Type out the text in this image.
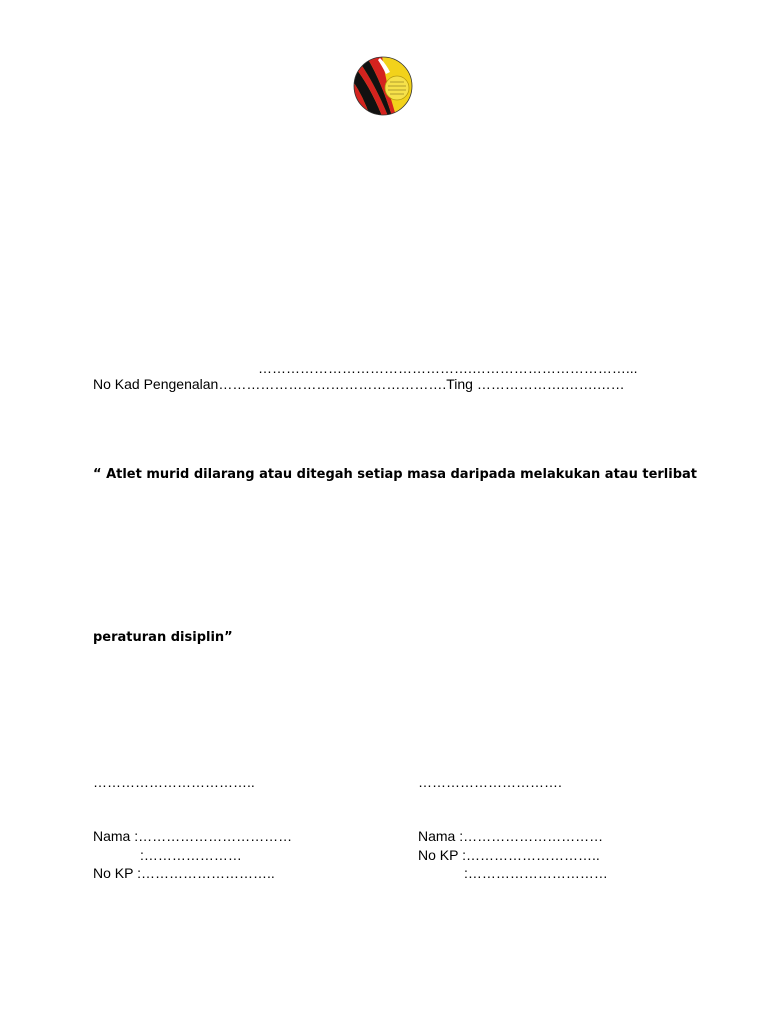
……………………………………….……………………………...

No Kad Pengenalan………………………………………….Ting ……………….…….……

“ Atlet murid dilarang atau ditegah setiap masa daripada melakukan atau terlibat

peraturan disiplin”

……………………………..

Nama :……………………………

:…………………

No KP :………………………..

………………………….

Nama :…………………………

No KP :………………………..

:…………………………
